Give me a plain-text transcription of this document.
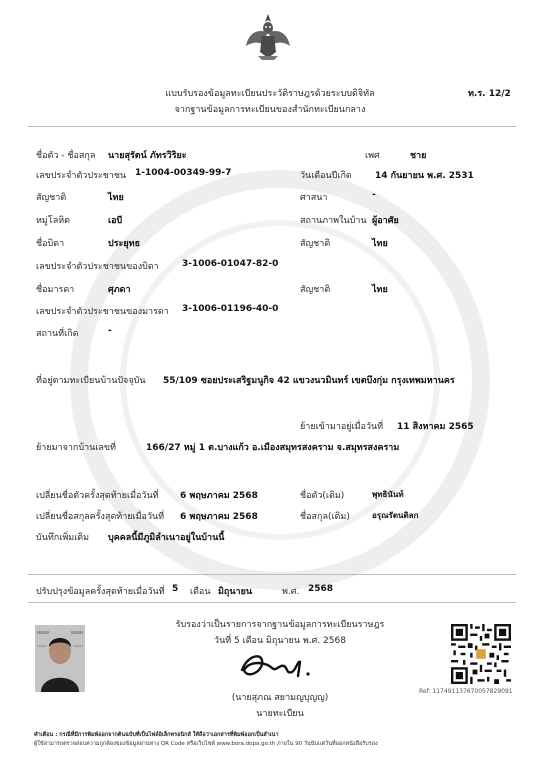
แบบรับรองข้อมูลทะเบียนประวัติราษฎรด้วยระบบดิจิทัล
จากฐานข้อมูลการทะเบียนของสำนักทะเบียนกลาง
ท.ร. 12/2
ชื่อตัว - ชื่อสกุล นายสุรัตน์ ภัทรวิริยะ	เพศ	ชาย
เลขประจำตัวประชาชน 1-1004-00349-99-7	วันเดือนปีเกิด	14 กันยายน พ.ศ. 2531
สัญชาติ	ไทย	ศาสนา	-
หมู่โลหิต	เอบี	สถานภาพในบ้าน ผู้อาศัย
ชื่อบิดา	ประยุทธ	สัญชาติ	ไทย
เลขประจำตัวประชาชนของบิดา	3-1006-01047-82-0
ชื่อมารดา	ศุภดา	สัญชาติ	ไทย
เลขประจำตัวประชาชนของมารดา 3-1006-01196-40-0
สถานที่เกิด	-
ที่อยู่ตามทะเบียนบ้านปัจจุบัน 55/109 ซอยประเสริฐมนูกิจ 42 แขวงนวมินทร์ เขตบึงกุ่ม กรุงเทพมหานคร
ย้ายเข้ามาอยู่เมื่อวันที่ 11 สิงหาคม 2565
ย้ายมาจากบ้านเลขที่	166/27 หมู่ 1 ต.บางแก้ว อ.เมืองสมุทรสงคราม จ.สมุทรสงคราม
เปลี่ยนชื่อตัวครั้งสุดท้ายเมื่อวันที่ 6 พฤษภาคม 2568	ชื่อตัว(เดิม)	พุทธินันท์
เปลี่ยนชื่อสกุลครั้งสุดท้ายเมื่อวันที่ 6 พฤษภาคม 2568	ชื่อสกุล(เดิม)	อรุณรัตนติลก
บันทึกเพิ่มเติม บุคคลนี้มีภูมิลำเนาอยู่ในบ้านนี้
ปรับปรุงข้อมูลครั้งสุดท้ายเมื่อวันที่ 5 เดือน มิถุนายน	พ.ศ. 2568
รับรองว่าเป็นรายการจากฐานข้อมูลการทะเบียนราษฎร
วันที่ 5 เดือน มิถุนายน พ.ศ. 2568
(นายสุภณ สยามญบุญญ)
นายทะเบียน
Ref: 11749113767005782909​1
คำเตือน : กรณีที่มีการพิมพ์ออกจากต้นฉบับที่เป็นไฟล์อิเล็กทรอนิกส์ ให้ถือว่าเอกสารที่พิมพ์ออกเป็นสำเนา
ผู้ใช้สามารถตรวจสอบความถูกต้องของข้อมูลผ่านทาง QR Code หรือเว็บไซต์ www.bora.dopa.go.th ภายใน 90 วันนับแต่วันที่ออกหนังสือรับรอง
